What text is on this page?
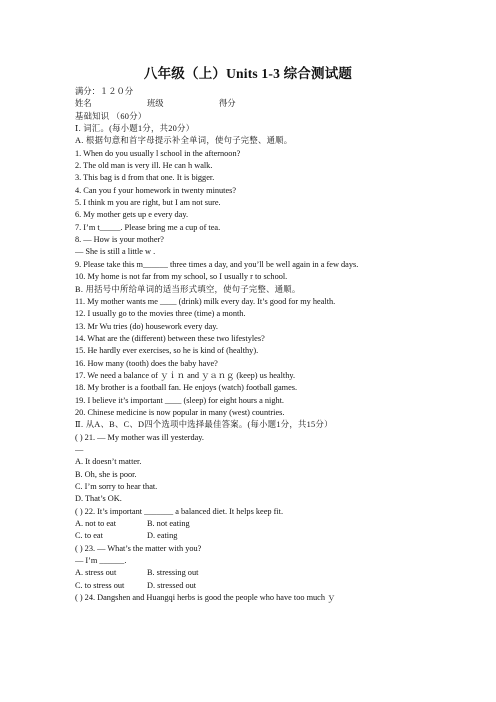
八年级（上）Units 1-3 综合测试题
满分：１２０分
姓名	班级	得分
基础知识 （60分）
Ⅰ. 词汇。(每小题1分，共20分）
A. 根据句意和首字母提示补全单词，使句子完整、通顺。
1. When do you usually l school in the afternoon?
2. The old man is very ill. He can h walk.
3. This bag is d from that one. It is bigger.
4. Can you f your homework in twenty minutes?
5. I think m you are right, but I am not sure.
6. My mother gets up e every day.
7. I’m t_____. Please bring me a cup of tea.
8. — How is your mother?
— She is still a little w .
9. Please take this m______ three times a day, and you’ll be well again in a few days.
10. My home is not far from my school, so I usually r to school.
B. 用括号中所给单词的适当形式填空，使句子完整、通顺。
11. My mother wants me ____ (drink) milk every day. It’s good for my health.
12. I usually go to the movies three (time) a month.
13. Mr Wu tries (do) housework every day.
14. What are the (different) between these two lifestyles?
15. He hardly ever exercises, so he is kind of (healthy).
16. How many (tooth) does the baby have?
17. We need a balance of ｙｉｎ and ｙａｎｇ (keep) us healthy.
18. My brother is a football fan. He enjoys (watch) football games.
19. I believe it’s important ____ (sleep) for eight hours a night.
20. Chinese medicine is now popular in many (west) countries.
Ⅱ. 从A、B、C、D四个选项中选择最佳答案。(每小题1分，共15分）
( ) 21. — My mother was ill yesterday.
—
A. It doesn’t matter.
B. Oh, she is poor.
C. I’m sorry to hear that.
D. That’s OK.
( ) 22. It’s important _______ a balanced diet. It helps keep fit.
A. not to eat	B. not eating
C. to eat	D. eating
( ) 23. — What’s the matter with you?
— I’m ______.
A. stress out	B. stressing out
C. to stress out	D. stressed out
( ) 24. Dangshen and Huangqi herbs is good the people who have too much ｙ
